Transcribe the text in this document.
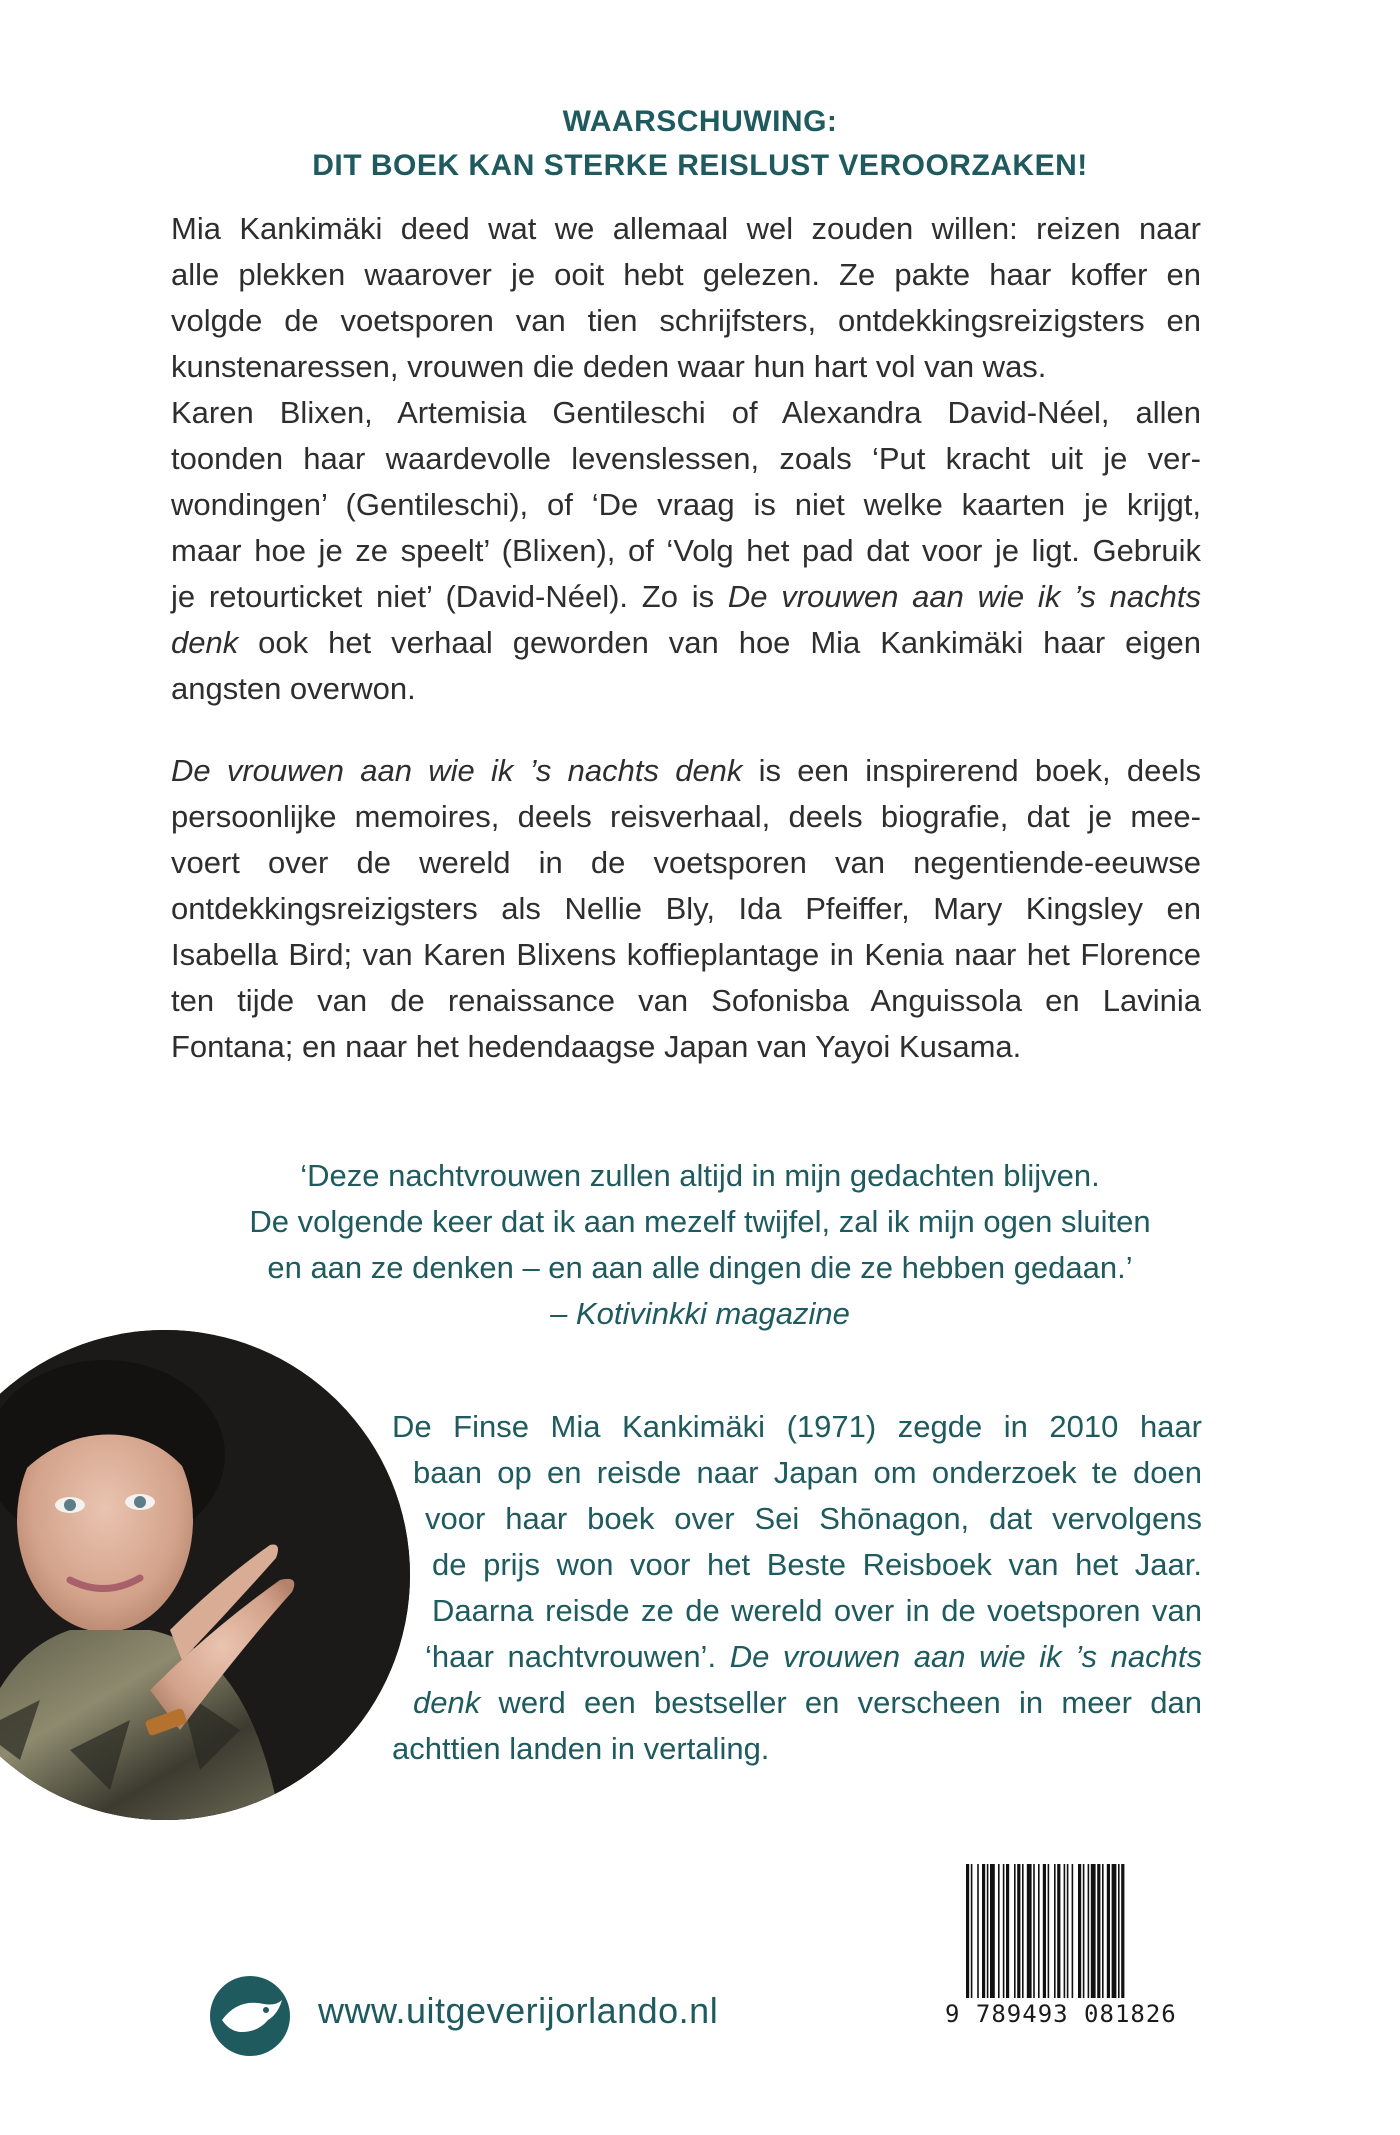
WAARSCHUWING:
DIT BOEK KAN STERKE REISLUST VEROORZAKEN!
Mia Kankimäki deed wat we allemaal wel zouden willen: reizen naar
alle plekken waarover je ooit hebt gelezen. Ze pakte haar koffer en
volgde de voetsporen van tien schrijfsters, ontdekkingsreizigsters en
kunstenaressen, vrouwen die deden waar hun hart vol van was.
Karen Blixen, Artemisia Gentileschi of Alexandra David-Néel, allen
toonden haar waardevolle levenslessen, zoals ‘Put kracht uit je ver-
wondingen’ (Gentileschi), of ‘De vraag is niet welke kaarten je krijgt,
maar hoe je ze speelt’ (Blixen), of ‘Volg het pad dat voor je ligt. Gebruik
je retourticket niet’ (David-Néel). Zo is De vrouwen aan wie ik ’s nachts
denk ook het verhaal geworden van hoe Mia Kankimäki haar eigen
angsten overwon.
De vrouwen aan wie ik ’s nachts denk is een inspirerend boek, deels
persoonlijke memoires, deels reisverhaal, deels biografie, dat je mee-
voert over de wereld in de voetsporen van negentiende-eeuwse
ontdekkingsreizigsters als Nellie Bly, Ida Pfeiffer, Mary Kingsley en
Isabella Bird; van Karen Blixens koffieplantage in Kenia naar het Florence
ten tijde van de renaissance van Sofonisba Anguissola en Lavinia
Fontana; en naar het hedendaagse Japan van Yayoi Kusama.
‘Deze nachtvrouwen zullen altijd in mijn gedachten blijven.
De volgende keer dat ik aan mezelf twijfel, zal ik mijn ogen sluiten
en aan ze denken – en aan alle dingen die ze hebben gedaan.’
– Kotivinkki magazine
De Finse Mia Kankimäki (1971) zegde in 2010 haar
baan op en reisde naar Japan om onderzoek te doen
voor haar boek over Sei Shōnagon, dat vervolgens
de prijs won voor het Beste Reisboek van het Jaar.
Daarna reisde ze de wereld over in de voetsporen van
‘haar nachtvrouwen’. De vrouwen aan wie ik ’s nachts
denk werd een bestseller en verscheen in meer dan
achttien landen in vertaling.
www.uitgeverijorlando.nl	9 789493 081826
